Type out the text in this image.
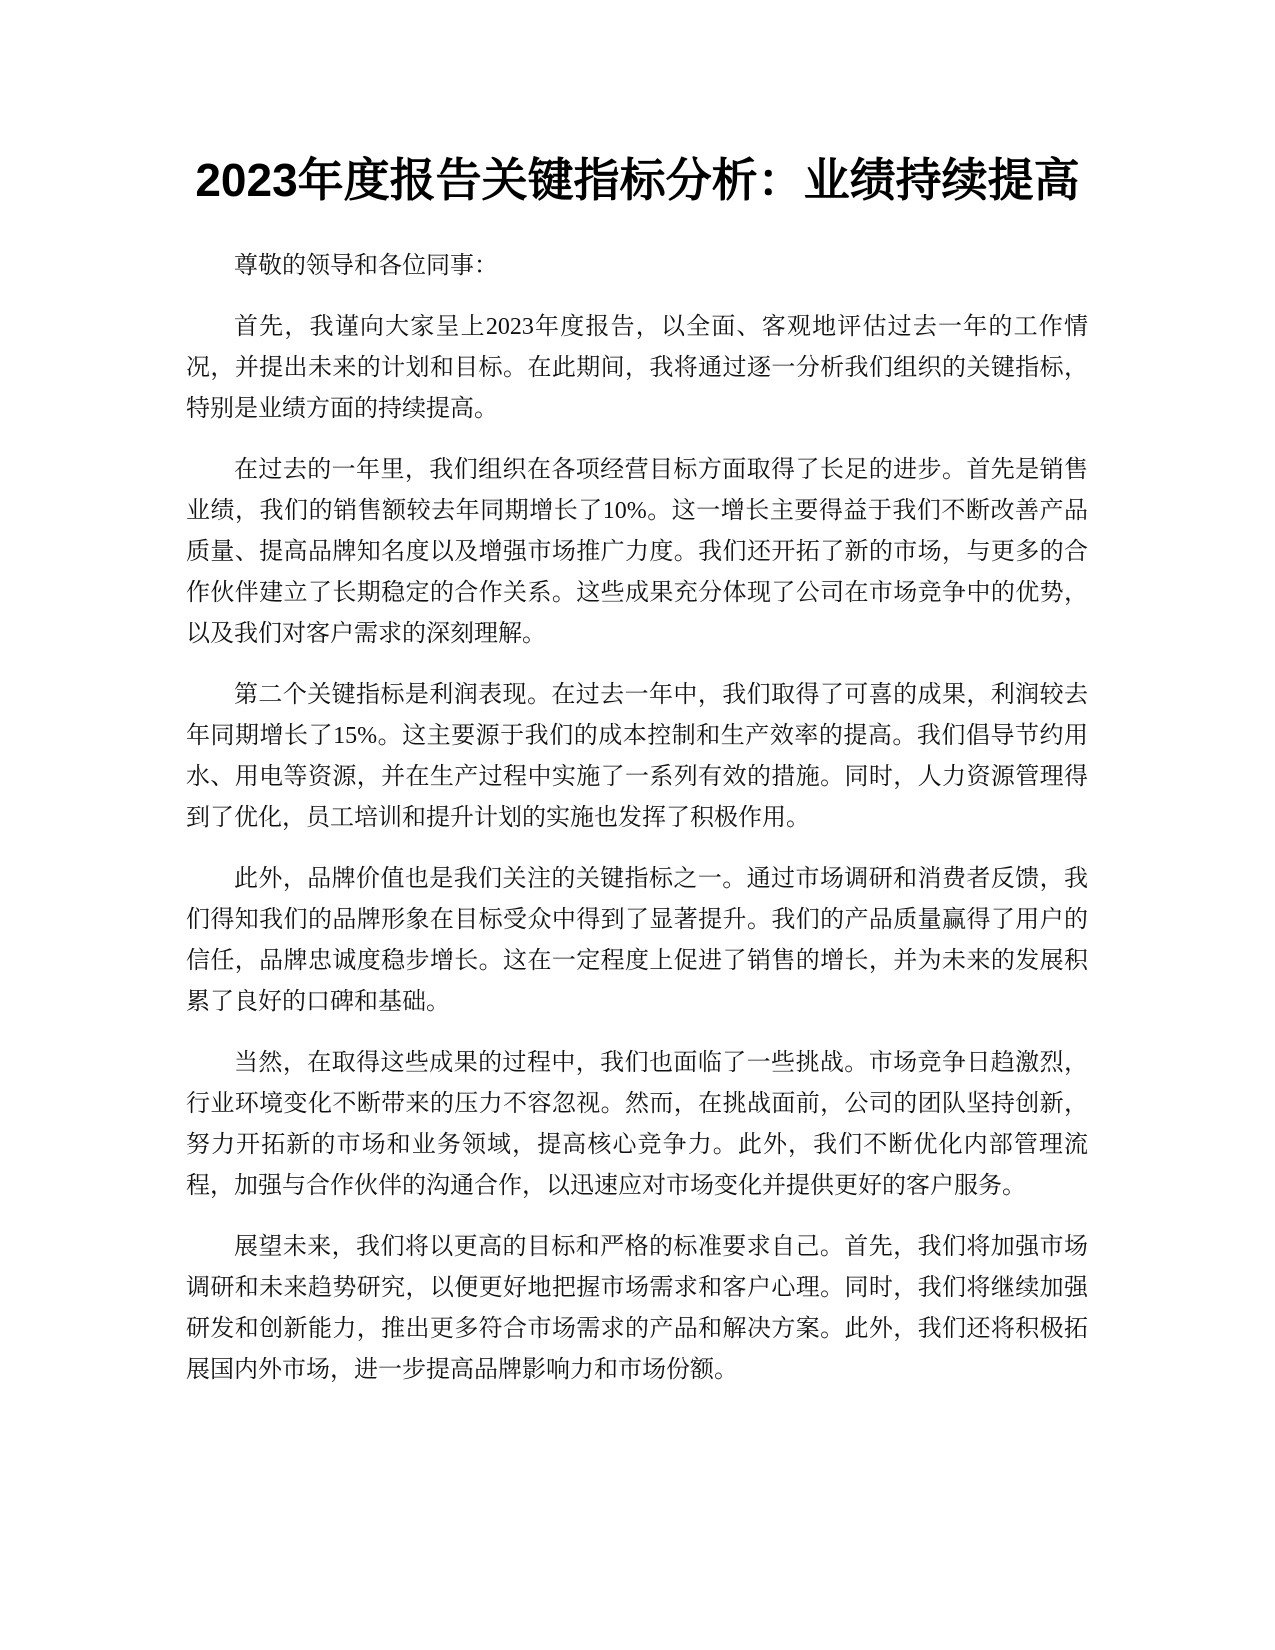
2023年度报告关键指标分析：业绩持续提高

尊敬的领导和各位同事：

首先，我谨向大家呈上2023年度报告，以全面、客观地评估过去一年的工作情况，并提出未来的计划和目标。在此期间，我将通过逐一分析我们组织的关键指标，特别是业绩方面的持续提高。

在过去的一年里，我们组织在各项经营目标方面取得了长足的进步。首先是销售业绩，我们的销售额较去年同期增长了10%。这一增长主要得益于我们不断改善产品质量、提高品牌知名度以及增强市场推广力度。我们还开拓了新的市场，与更多的合作伙伴建立了长期稳定的合作关系。这些成果充分体现了公司在市场竞争中的优势，以及我们对客户需求的深刻理解。

第二个关键指标是利润表现。在过去一年中，我们取得了可喜的成果，利润较去年同期增长了15%。这主要源于我们的成本控制和生产效率的提高。我们倡导节约用水、用电等资源，并在生产过程中实施了一系列有效的措施。同时，人力资源管理得到了优化，员工培训和提升计划的实施也发挥了积极作用。

此外，品牌价值也是我们关注的关键指标之一。通过市场调研和消费者反馈，我们得知我们的品牌形象在目标受众中得到了显著提升。我们的产品质量赢得了用户的信任，品牌忠诚度稳步增长。这在一定程度上促进了销售的增长，并为未来的发展积累了良好的口碑和基础。

当然，在取得这些成果的过程中，我们也面临了一些挑战。市场竞争日趋激烈，行业环境变化不断带来的压力不容忽视。然而，在挑战面前，公司的团队坚持创新，努力开拓新的市场和业务领域，提高核心竞争力。此外，我们不断优化内部管理流程，加强与合作伙伴的沟通合作，以迅速应对市场变化并提供更好的客户服务。

展望未来，我们将以更高的目标和严格的标准要求自己。首先，我们将加强市场调研和未来趋势研究，以便更好地把握市场需求和客户心理。同时，我们将继续加强研发和创新能力，推出更多符合市场需求的产品和解决方案。此外，我们还将积极拓展国内外市场，进一步提高品牌影响力和市场份额。
